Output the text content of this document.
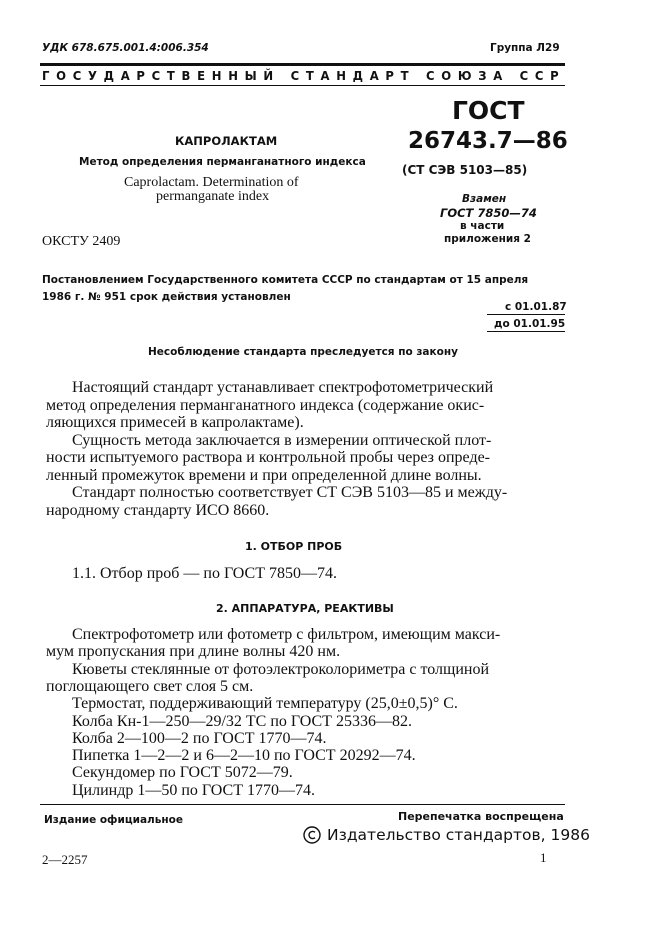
УДК 678.675.001.4:006.354	Группа Л29
ГОСУДАРСТВЕННЫЙ СТАНДАРТ СОЮЗА ССР
ГОСТ
26743.7—86
(СТ СЭВ 5103—85)
Взамен
ГОСТ 7850—74
в части
приложения 2
КАПРОЛАКТАМ
Метод определения перманганатного индекса
Caprolactam. Determination of
permanganate index
ОКСТУ 2409
Постановлением Государственного комитета СССР по стандартам от 15 апреля
1986 г. № 951 срок действия установлен
с 01.01.87
до 01.01.95
Несоблюдение стандарта преследуется по закону
Настоящий стандарт устанавливает спектрофотометрический
метод определения перманганатного индекса (содержание окис-
ляющихся примесей в капролактаме).
Сущность метода заключается в измерении оптической плот-
ности испытуемого раствора и контрольной пробы через опреде-
ленный промежуток времени и при определенной длине волны.
Стандарт полностью соответствует СТ СЭВ 5103—85 и между-
народному стандарту ИСО 8660.
1. ОТБОР ПРОБ
1.1. Отбор проб — по ГОСТ 7850—74.
2. АППАРАТУРА, РЕАКТИВЫ
Спектрофотометр или фотометр с фильтром, имеющим макси-
мум пропускания при длине волны 420 нм.
Кюветы стеклянные от фотоэлектроколориметра с толщиной
поглощающего свет слоя 5 см.
Термостат, поддерживающий температуру (25,0±0,5)° С.
Колба Кн-1—250—29/32 ТС по ГОСТ 25336—82.
Колба 2—100—2 по ГОСТ 1770—74.
Пипетка 1—2—2 и 6—2—10 по ГОСТ 20292—74.
Секундомер по ГОСТ 5072—79.
Цилиндр 1—50 по ГОСТ 1770—74.
Издание официальное	Перепечатка воспрещена
Издательство стандартов, 1986
2—2257	1
